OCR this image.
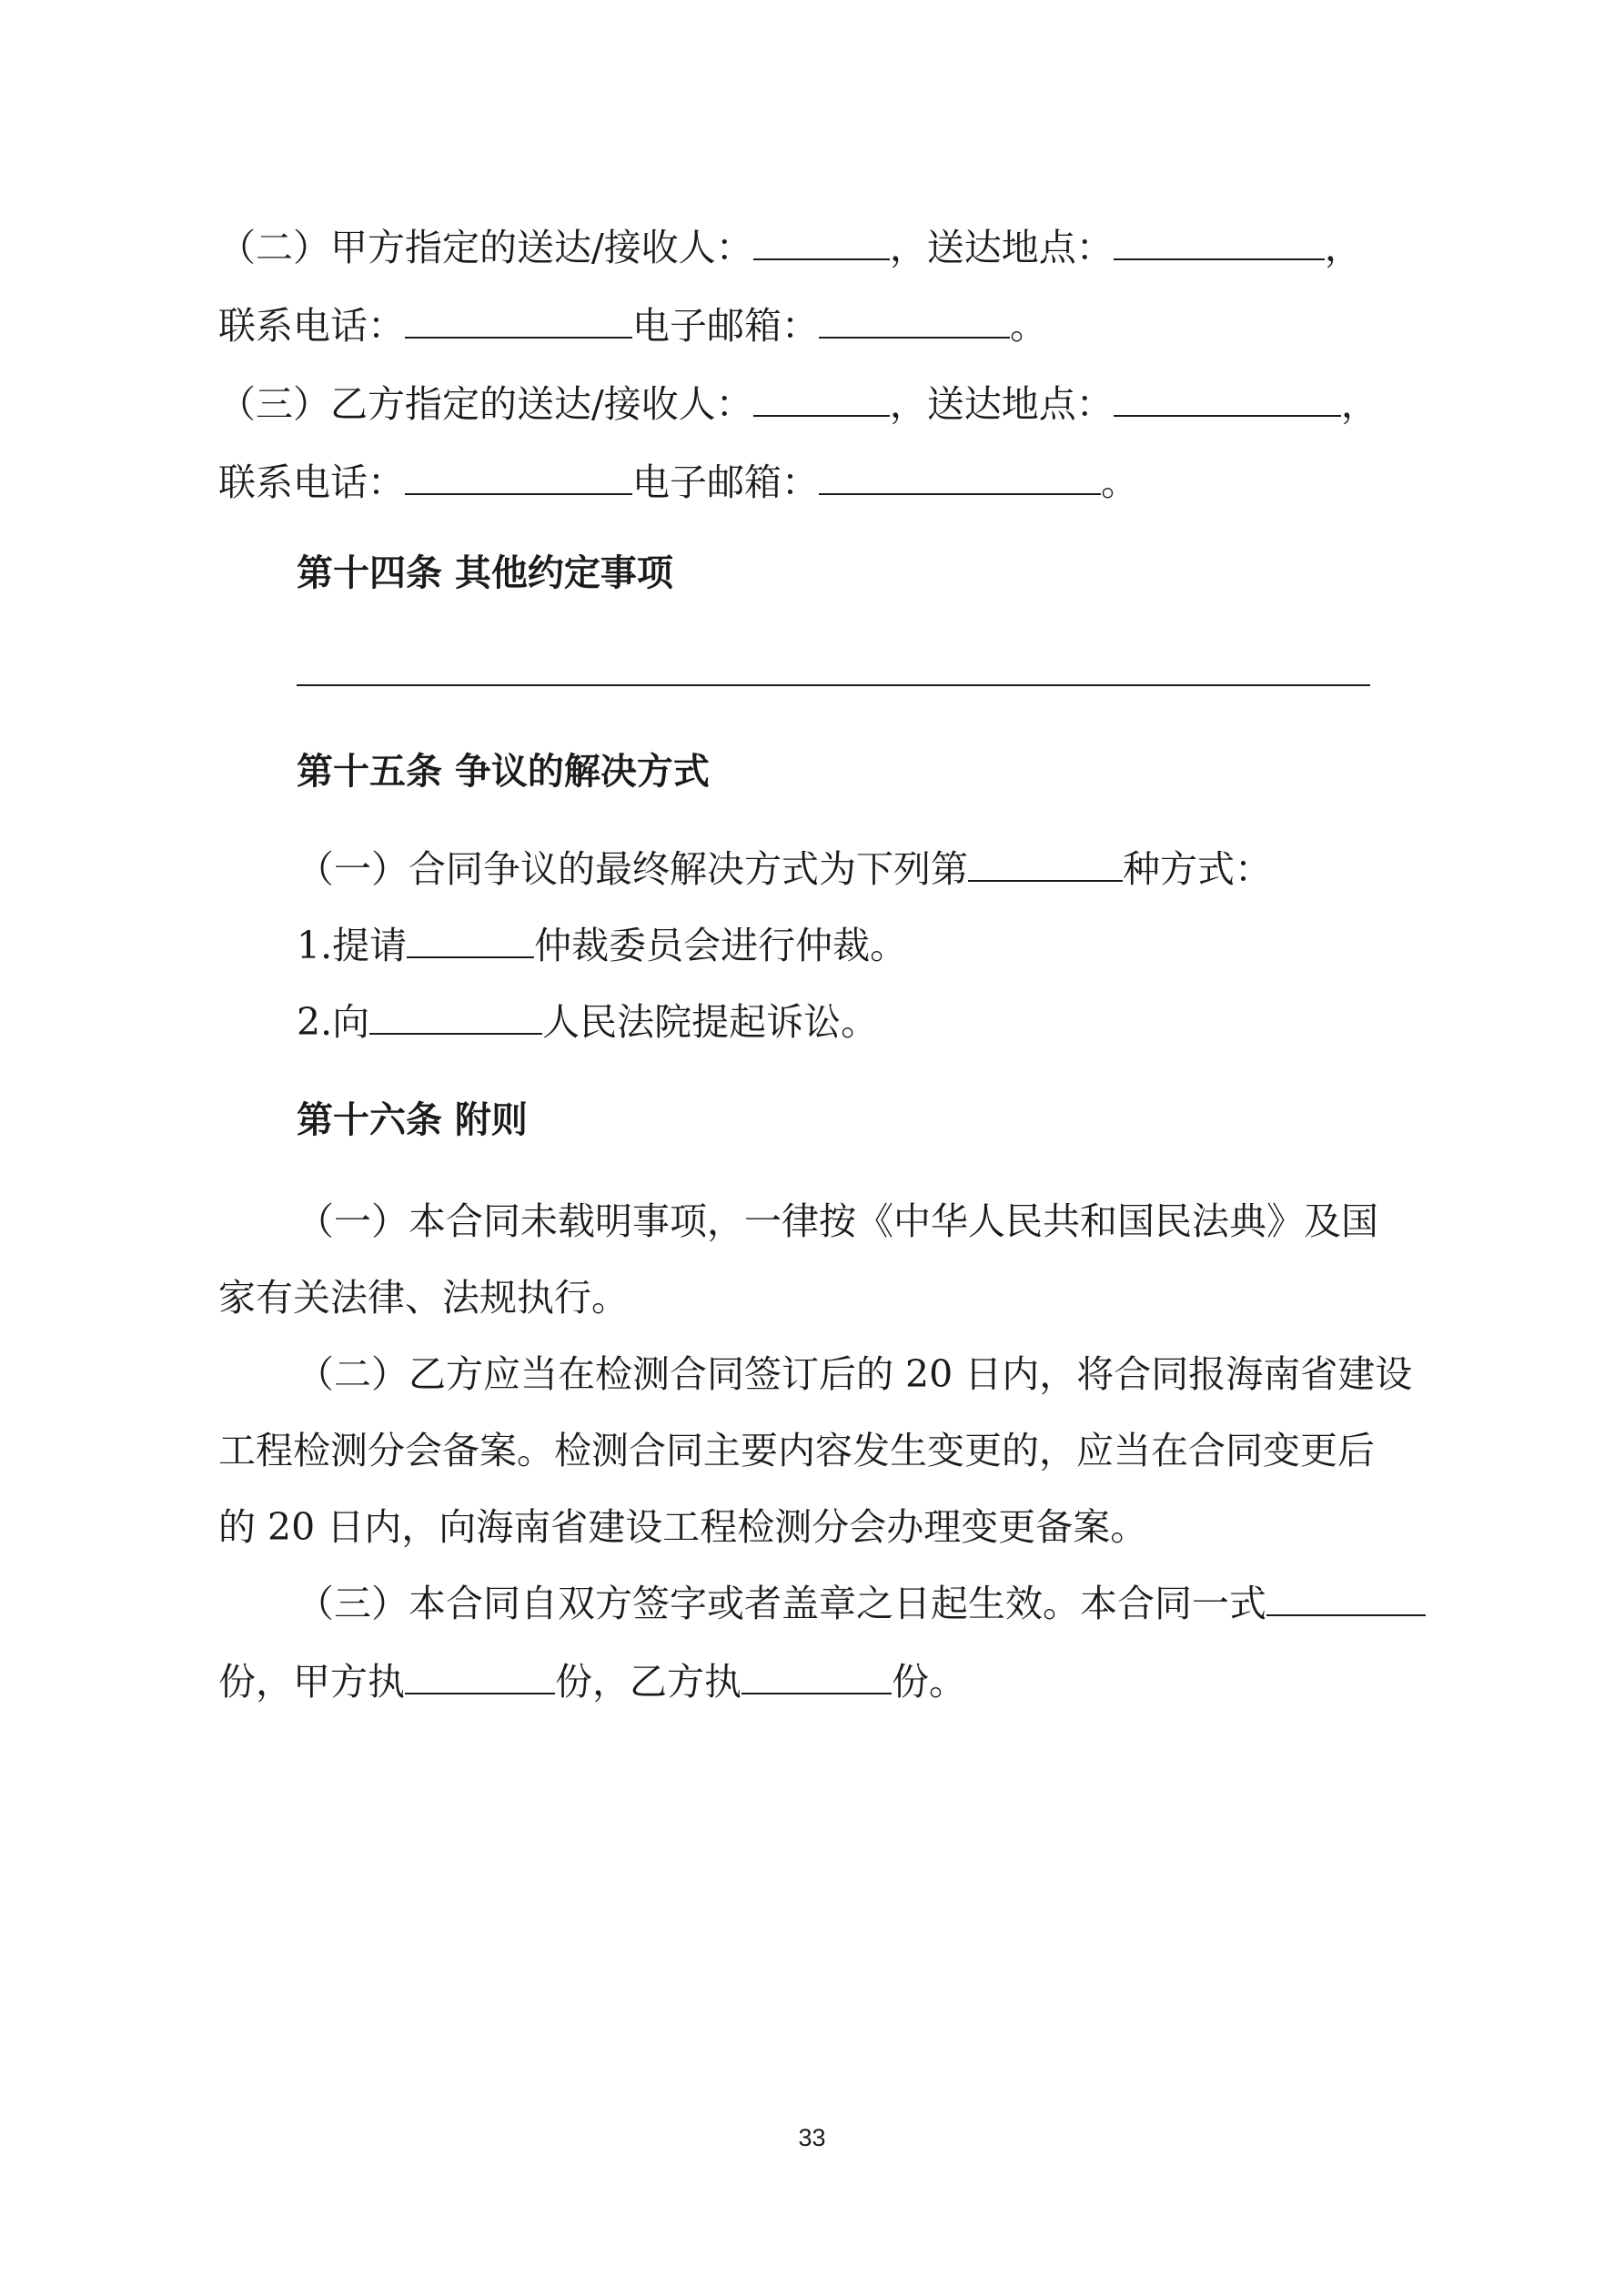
（二）甲方指定的送达/接收人：	，送达地点：	，
联系电话：	电子邮箱：	。
（三）乙方指定的送达/接收人：	，送达地点：	，
联系电话：	电子邮箱：	。
第十四条 其他约定事项
第十五条 争议的解决方式
（一）合同争议的最终解决方式为下列第	种方式：
1.提请	仲裁委员会进行仲裁。
2.向	人民法院提起诉讼。
第十六条 附则
（一）本合同未载明事项，一律按《中华人民共和国民法典》及国
家有关法律、法规执行。
（二）乙方应当在检测合同签订后的 20 日内，将合同报海南省建设
工程检测分会备案。检测合同主要内容发生变更的，应当在合同变更后
的 20 日内，向海南省建设工程检测分会办理变更备案。
（三）本合同自双方签字或者盖章之日起生效。本合同一式
份，甲方执	份，乙方执	份。
33
